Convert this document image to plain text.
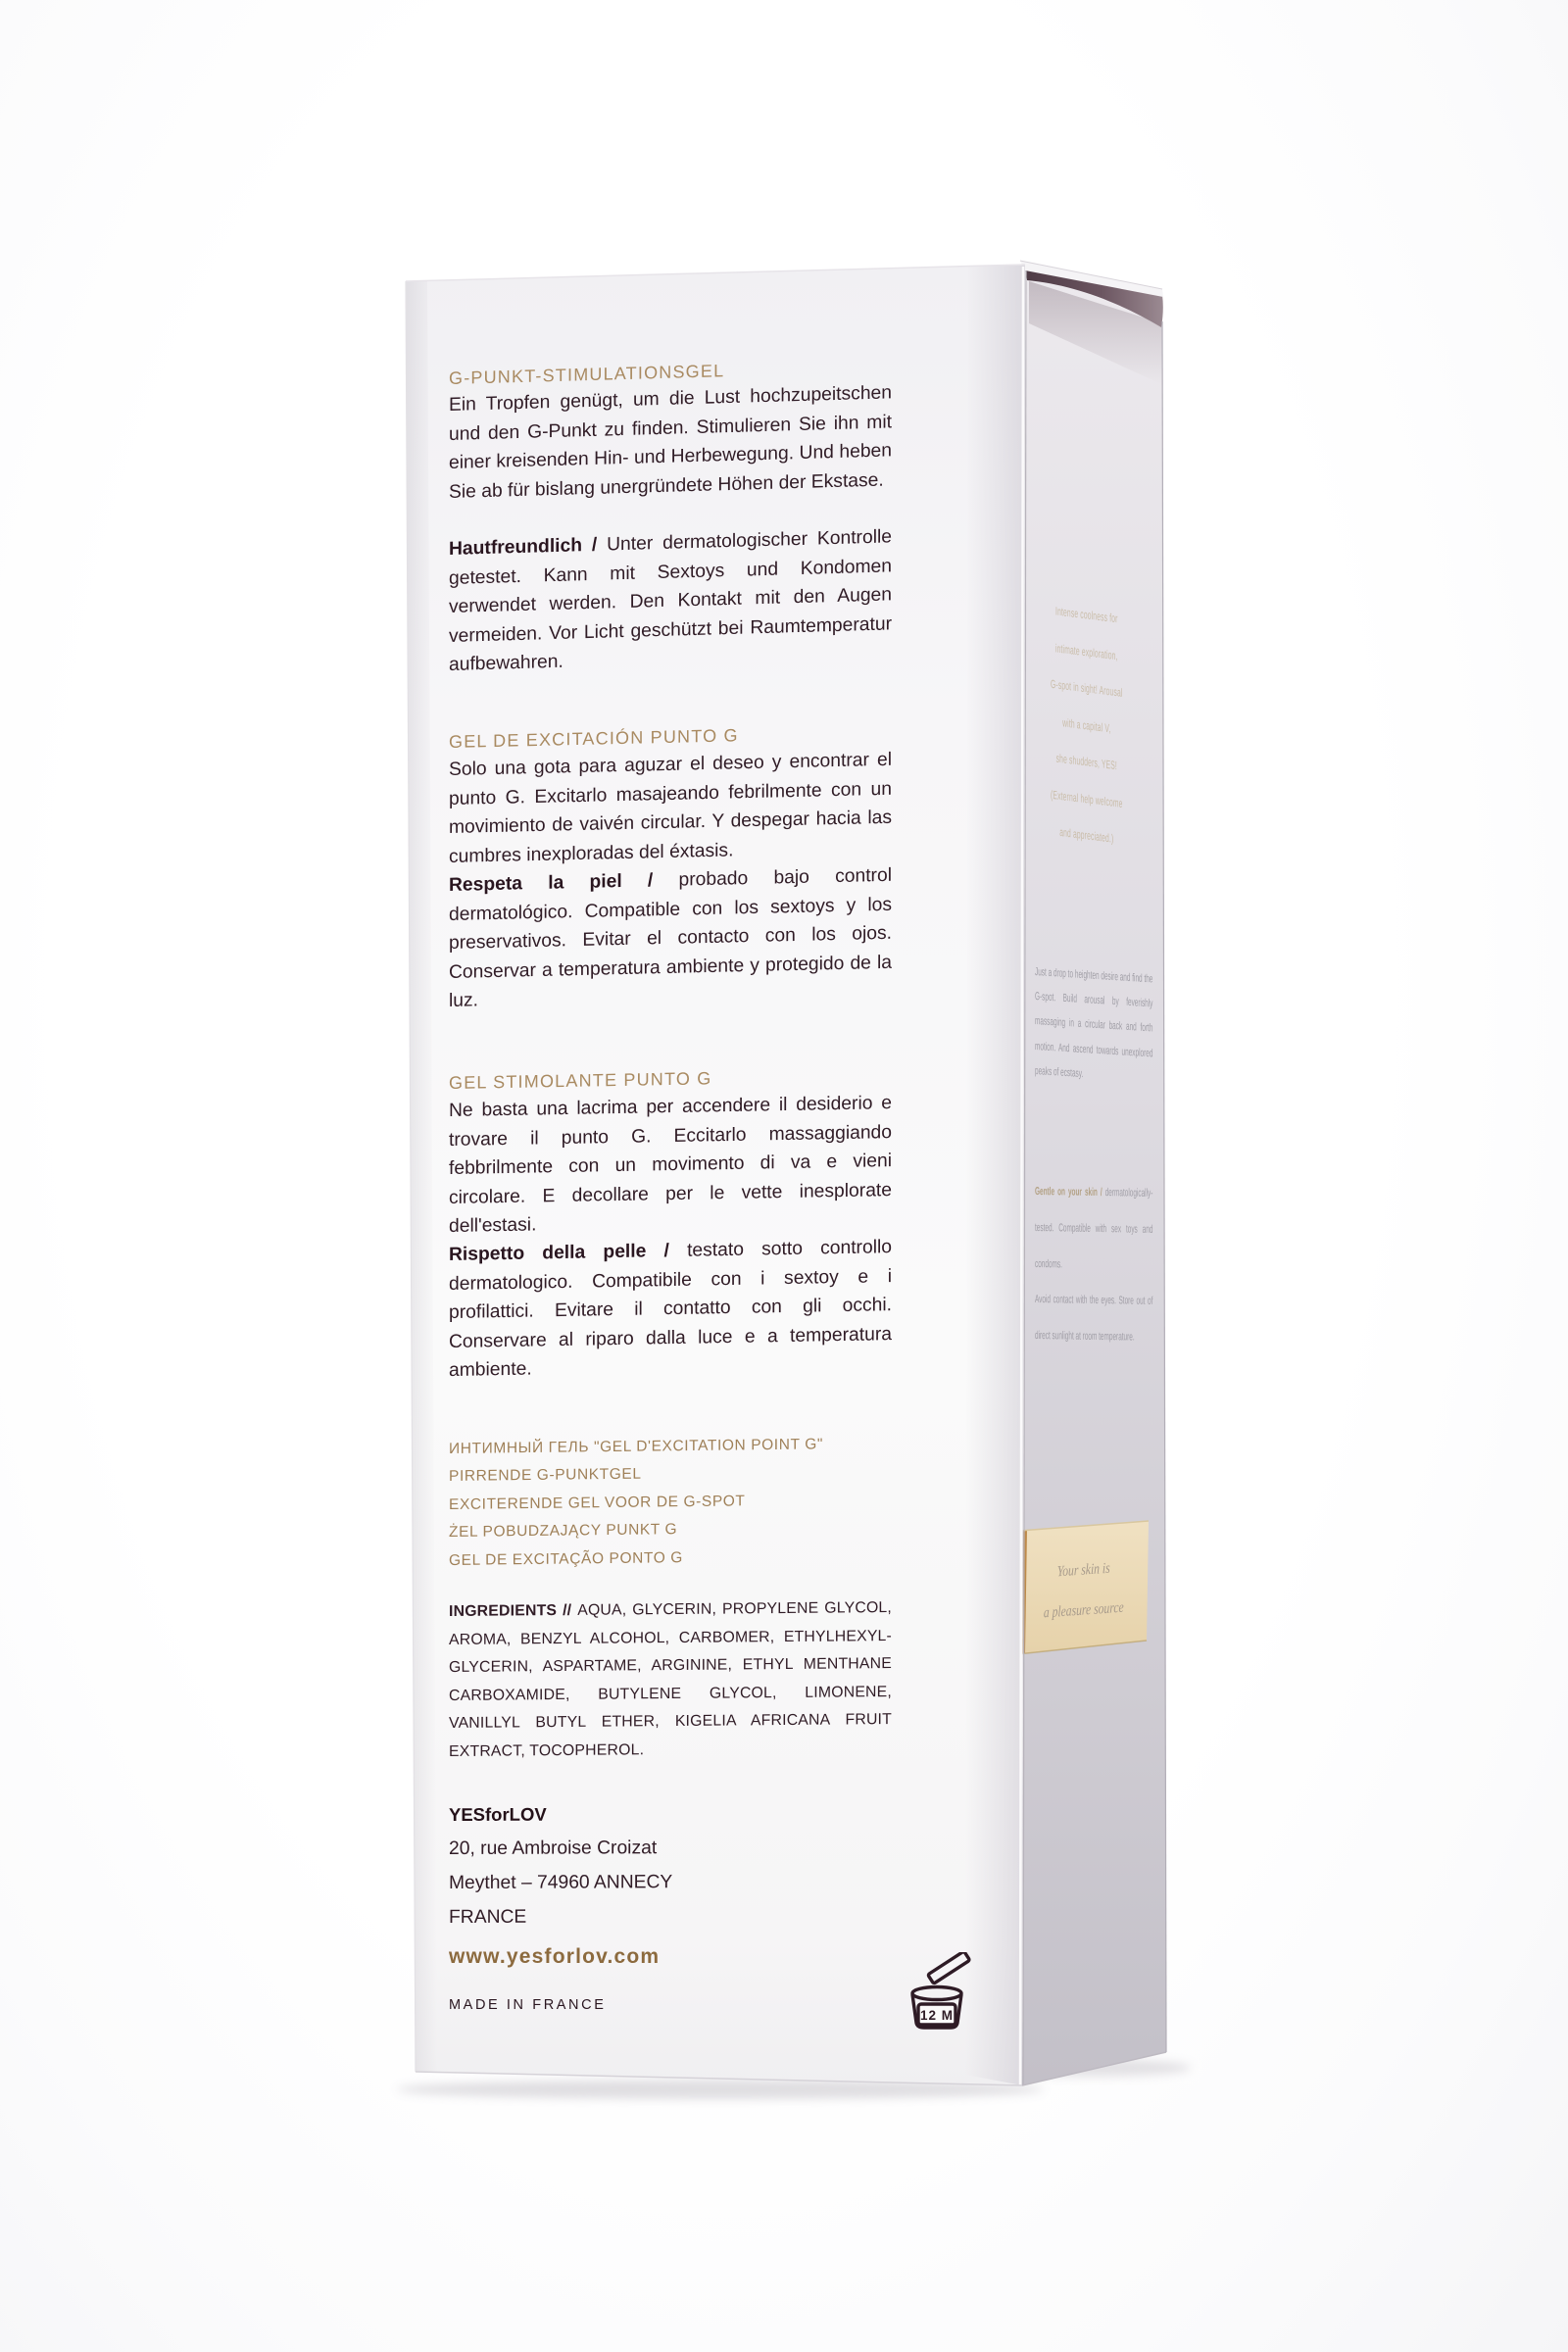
G-PUNKT-STIMULATIONSGEL

Ein Tropfen genügt, um die Lust hochzupeitschen und den G-Punkt zu finden. Stimulieren Sie ihn mit einer kreisenden Hin- und Herbewegung. Und heben Sie ab für bislang unergründete Höhen der Ekstase.

Hautfreundlich / Unter dermatologischer Kontrolle getestet. Kann mit Sextoys und Kondomen verwendet werden. Den Kontakt mit den Augen vermeiden. Vor Licht geschützt bei Raumtemperatur aufbewahren.

GEL DE EXCITACIÓN PUNTO G

Solo una gota para aguzar el deseo y encontrar el punto G. Excitarlo masajeando febrilmente con un movimiento de vaivén circular. Y despegar hacia las cumbres inexploradas del éxtasis.

Respeta la piel / probado bajo control dermatológico. Compatible con los sextoys y los preservativos. Evitar el contacto con los ojos. Conservar a temperatura ambiente y protegido de la luz.

GEL STIMOLANTE PUNTO G

Ne basta una lacrima per accendere il desiderio e trovare il punto G. Eccitarlo massaggiando febbrilmente con un movimento di va e vieni circolare. E decollare per le vette inesplorate dell'estasi.

Rispetto della pelle / testato sotto controllo dermatologico. Compatibile con i sextoy e i profilattici. Evitare il contatto con gli occhi. Conservare al riparo dalla luce e a temperatura ambiente.

ИНТИМНЫЙ ГЕЛЬ "GEL D'EXCITATION POINT G"
PIRRENDE G-PUNKTGEL
EXCITERENDE GEL VOOR DE G-SPOT
ŻEL POBUDZAJĄCY PUNKT G
GEL DE EXCITAÇÃO PONTO G

INGREDIENTS // AQUA, GLYCERIN, PROPYLENE GLYCOL, AROMA, BENZYL ALCOHOL, CARBOMER, ETHYLHEXYL-GLYCERIN, ASPARTAME, ARGININE, ETHYL MENTHANE CARBOXAMIDE, BUTYLENE GLYCOL, LIMONENE, VANILLYL BUTYL ETHER, KIGELIA AFRICANA FRUIT EXTRACT, TOCOPHEROL.

YESforLOV
20, rue Ambroise Croizat
Meythet – 74960 ANNECY
FRANCE
www.yesforlov.com
MADE IN FRANCE
12 M
Intense coolness for
intimate exploration,
G-spot in sight! Arousal
with a capital V,
she shudders, YES!
(External help welcome
and appreciated.)
Just a drop to heighten desire and find the G-spot. Build arousal by feverishly massaging in a circular back and forth motion. And ascend towards unexplored peaks of ecstasy.

Gentle on your skin / dermatologically-tested. Compatible with sex toys and condoms.

Avoid contact with the eyes. Store out of direct sunlight at room temperature.

Your skin is
a pleasure source
